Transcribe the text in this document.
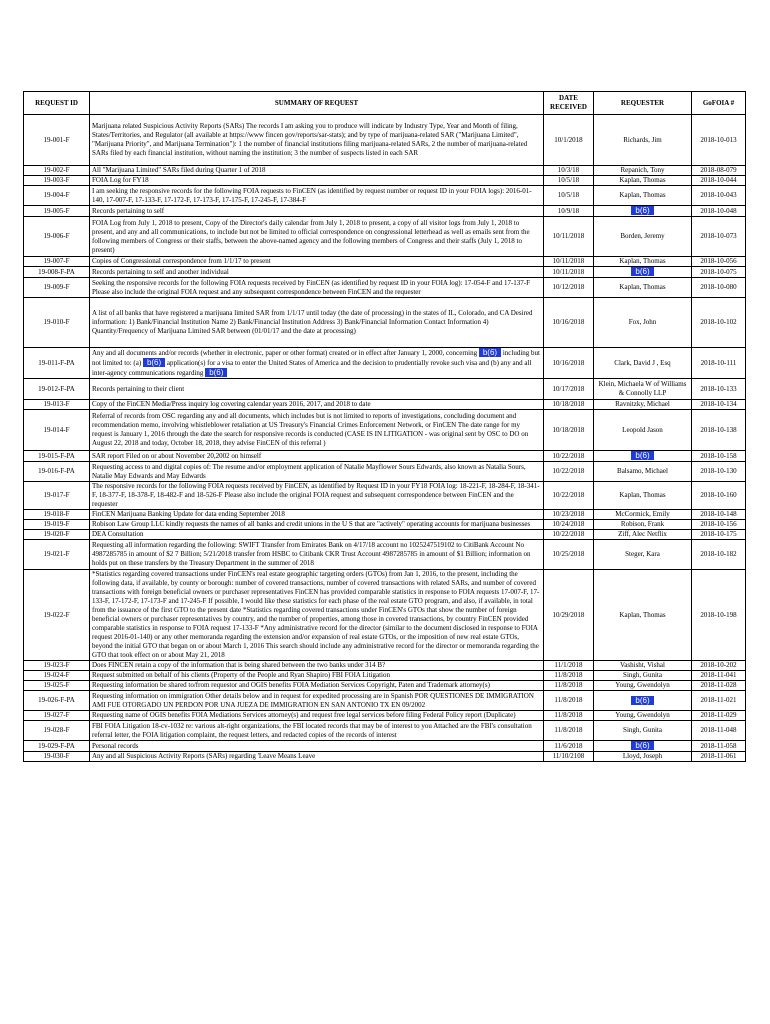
REQUEST ID	SUMMARY OF REQUEST	DATE RECEIVED	REQUESTER	GoFOIA #
19-001-F	Marijuana related Suspicious Activity Reports (SARs) The records I am asking you to produce will indicate by Industry Type, Year and Month of filing, States/Territories, and Regulator (all available at https://www fincen gov/reports/sar-stats); and by type of marijuana-related SAR ("Marijuana Limited", "Marijuana Priority", and Marijuana Termination"): 1 the number of financial institutions filing marijuana-related SARs, 2 the number of marijuana-related SARs filed by each financial institution, without naming the institution; 3 the number of suspects listed in each SAR	10/1/2018	Richards, Jim	2018-10-013
19-002-F	All "Marijuana Limited" SARs filed during Quarter 1 of 2018	10/3/18	Repanich, Tony	2018-08-079
19-003-F	FOIA Log for FY18	10/5/18	Kaplan, Thomas	2018-10-044
19-004-F	I am seeking the responsive records for the following FOIA requests to FinCEN (as identified by request number or request ID in your FOIA logs): 2016-01-140, 17-007-F, 17-133-F, 17-172-F, 17-173-F, 17-175-F, 17-245-F, 17-384-F	10/5/18	Kaplan, Thomas	2018-10-043
19-005-F	Records pertaining to self	10/9/18	b(6)	2018-10-048
19-006-F	FOIA Log from July 1, 2018 to present, Copy of the Director's daily calendar from July 1, 2018 to present, a copy of all visitor logs from July 1, 2018 to present, and any and all communications, to include but not be limited to official correspondence on congressional letterhead as well as emails sent from the following members of Congress or their staffs, between the above-named agency and the following members of Congress and their staffs (July 1, 2018 to present)	10/11/2018	Borden, Jeremy	2018-10-073
19-007-F	Copies of Congressional correspondence from 1/1/17 to present	10/11/2018	Kaplan, Thomas	2018-10-056
19-008-F-PA	Records pertaining to self and another individual	10/11/2018	b(6)	2018-10-075
19-009-F	Seeking the responsive records for the following FOIA requests received by FinCEN (as identified by request ID in your FOIA log): 17-054-F and 17-137-F Please also include the original FOIA request and any subsequent correspondence between FinCEN and the requester	10/12/2018	Kaplan, Thomas	2018-10-080
19-010-F	A list of all banks that have registered a marijuana limited SAR from 1/1/17 until today (the date of processing) in the states of IL, Colorado, and CA Desired information: 1) Bank/Financial Institution Name 2) Bank/Financial Institution Address 3) Bank/Financial Information Contact Information 4) Quantity/Frequency of Marijuana Limited SAR between (01/01/17 and the date at processing)	10/16/2018	Fox, John	2018-10-102
19-011-F-PA	Any and all documents and/or records (whether in electronic, paper or other format) created or in effect after January 1, 2000, concerning b(6) including but not limited to: (a) b(6) application(s) for a visa to enter the United States of America and the decision to prudentially revoke such visa and (b) any and all inter-agency communications regarding b(6)	10/16/2018	Clark, David J , Esq	2018-10-111
19-012-F-PA	Records pertaining to their client	10/17/2018	Klein, Michaela W of Williams & Connolly LLP	2018-10-133
19-013-F	Copy of the FinCEN Media/Press inquiry log covering calendar years 2016, 2017, and 2018 to date	10/18/2018	Ravnitzky, Michael	2018-10-134
19-014-F	Referral of records from OSC regarding any and all documents, which includes but is not limited to reports of investigations, concluding document and recommendation memo, involving whistleblower retaliation at US Treasury's Financial Crimes Enforcement Network, or FinCEN The date range for my request is January 1, 2016 through the date the search for responsive records is conducted (CASE IS IN LITIGATION - was original sent by OSC to DO on August 22, 2018 and today, October 18, 2018, they advise FinCEN of this referral )	10/18/2018	Leopold Jason	2018-10-138
19-015-F-PA	SAR report Filed on or about November 20,2002 on himself	10/22/2018	b(6)	2018-10-158
19-016-F-PA	Requesting access to and digital copies of: The resume and/or employment application of Natalie Mayflower Sours Edwards, also known as Natalia Sours, Natalie May Edwards and May Edwards	10/22/2018	Balsamo, Michael	2018-10-130
19-017-F	The responsive records for the following FOIA requests received by FinCEN, as identified by Request ID in your FY18 FOIA log: 18-221-F, 18-284-F, 18-341-F, 18-377-F, 18-378-F, 18-482-F and 18-526-F Please also include the original FOIA request and subsequent correspondence between FinCEN and the requester	10/22/2018	Kaplan, Thomas	2018-10-160
19-018-F	FinCEN Marijuana Banking Update for data ending September 2018	10/23/2018	McCormick, Emily	2018-10-148
19-019-F	Robison Law Group LLC kindly requests the names of all banks and credit unions in the U S that are "actively" operating accounts for marijuana businesses	10/24/2018	Robison, Frank	2018-10-156
19-020-F	DEA Consultation	10/22/2018	Ziff, Alec Netflix	2018-10-175
19-021-F	Requesting all information regarding the following: SWIFT Transfer from Emirates Bank on 4/17/18 account no 1025247519102 to CitiBank Account No 4987285785 in amount of $2 7 Billion; 5/21/2018 transfer from HSBC to Citibank CKR Trust Account 4987285785 in amount of $1 Billion; information on holds put on these transfers by the Treasury Department in the summer of 2018	10/25/2018	Steger, Kara	2018-10-182
19-022-F	*Statistics regarding covered transactions under FinCEN's real estate geographic targeting orders (GTOs) from Jan 1, 2016, to the present, including the following data, if available, by county or borough: number of covered transactions, number of covered transactions with related SARs, and number of covered transactions with foreign beneficial owners or purchaser representatives FinCEN has provided comparable statistics in response to FOIA requests 17-007-F, 17-133-F, 17-172-F, 17-173-F and 17-245-F If possible, I would like these statistics for each phase of the real estate GTO program, and also, if available, in total from the issuance of the first GTO to the present date *Statistics regarding covered transactions under FinCEN's GTOs that show the number of foreign beneficial owners or purchaser representatives by country, and the number of properties, among those in covered transactions, by country FinCEN provided comparable statistics in response to FOIA request 17-133-F *Any administrative record for the director (similar to the document disclosed in response to FOIA request 2016-01-140) or any other memoranda regarding the extension and/or expansion of real estate GTOs, or the imposition of new real estate GTOs, beyond the initial GTO that began on or about March 1, 2016 This search should include any administrative record for the director or memoranda regarding the GTO that took effect on or about May 21, 2018	10/29/2018	Kaplan, Thomas	2018-10-198
19-023-F	Does FINCEN retain a copy of the information that is being shared between the two banks under 314 B?	11/1/2018	Vashisht, Vishal	2018-10-202
19-024-F	Request submitted on behalf of his clients (Property of the People and Ryan Shapiro) FBI FOIA Litigation	11/8/2018	Singh, Gunita	2018-11-041
19-025-F	Requesting information be shared to/from requestor and OGIS benefits FOIA Mediation Services Copyright, Paten and Trademark attorney(s)	11/8/2018	Young, Gwendolyn	2018-11-028
19-026-F-PA	Requesting information on immigration Other details below and in request for expedited processing are in Spanish POR QUESTIONES DE IMMIGRATION AMI FUE OTORGADO UN PERDON POR UNA JUEZA DE IMMIGRATION EN SAN ANTONIO TX EN 09/2002	11/8/2018	b(6)	2018-11-021
19-027-F	Requesting name of OGIS benefits FOIA Mediations Services attorney(s) and request free legal services before filing Federal Policy report (Duplicate)	11/8/2018	Young, Gwendolyn	2018-11-029
19-028-F	FBI FOIA Litigation 18-cv-1032 re: various alt-right organizations, the FBI located records that may be of interest to you Attached are the FBI's consultation referral letter, the FOIA litigation complaint, the request letters, and redacted copies of the records of interest	11/8/2018	Singh, Gunita	2018-11-048
19-029-F-PA	Personal records	11/6/2018	b(6)	2018-11-058
19-030-F	Any and all Suspicious Activity Reports (SARs) regarding 'Leave Means Leave	11/10/2108	Lloyd, Joseph	2018-11-061
